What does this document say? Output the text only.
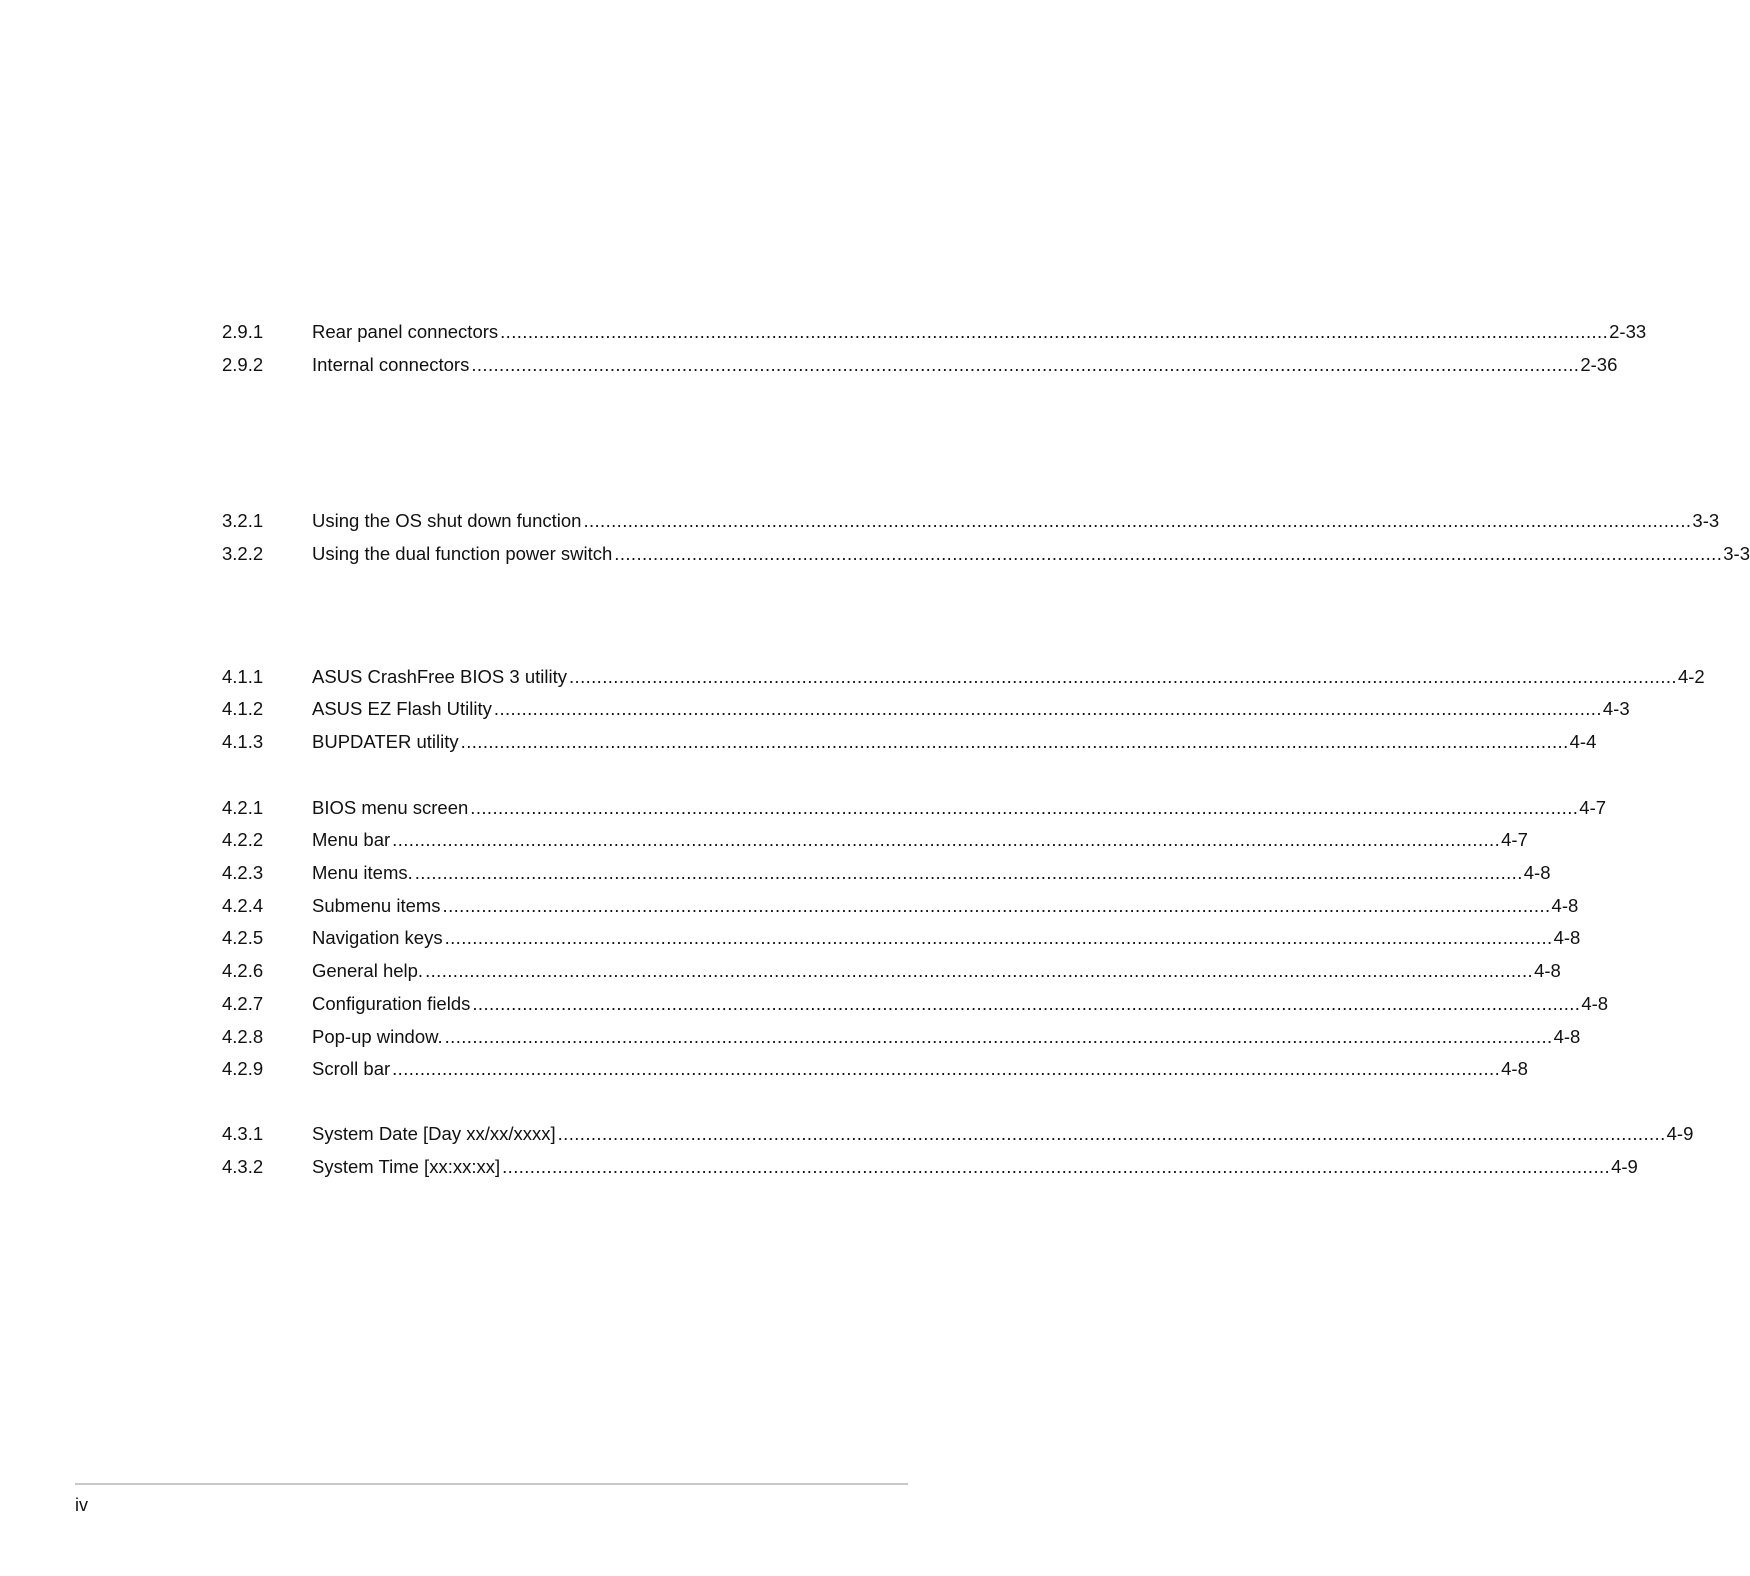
2.9.1	Rear panel connectors ........................................................................................................................................................................................................ 2-33
2.9.2	Internal connectors ........................................................................................................................................................................................................ 2-36
3.2.1	Using the OS shut down function ........................................................................................................................................................................................................ 3-3
3.2.2	Using the dual function power switch ........................................................................................................................................................................................................ 3-3
4.1.1	ASUS CrashFree BIOS 3 utility ........................................................................................................................................................................................................ 4-2
4.1.2	ASUS EZ Flash Utility ........................................................................................................................................................................................................ 4-3
4.1.3	BUPDATER utility ........................................................................................................................................................................................................ 4-4
4.2.1	BIOS menu screen ........................................................................................................................................................................................................ 4-7
4.2.2	Menu bar ........................................................................................................................................................................................................ 4-7
4.2.3	Menu items. ........................................................................................................................................................................................................ 4-8
4.2.4	Submenu items ........................................................................................................................................................................................................ 4-8
4.2.5	Navigation keys ........................................................................................................................................................................................................ 4-8
4.2.6	General help. ........................................................................................................................................................................................................ 4-8
4.2.7	Configuration fields ........................................................................................................................................................................................................ 4-8
4.2.8	Pop-up window. ........................................................................................................................................................................................................ 4-8
4.2.9	Scroll bar ........................................................................................................................................................................................................ 4-8
4.3.1	System Date [Day xx/xx/xxxx] ........................................................................................................................................................................................................ 4-9
4.3.2	System Time [xx:xx:xx] ........................................................................................................................................................................................................ 4-9
iv
